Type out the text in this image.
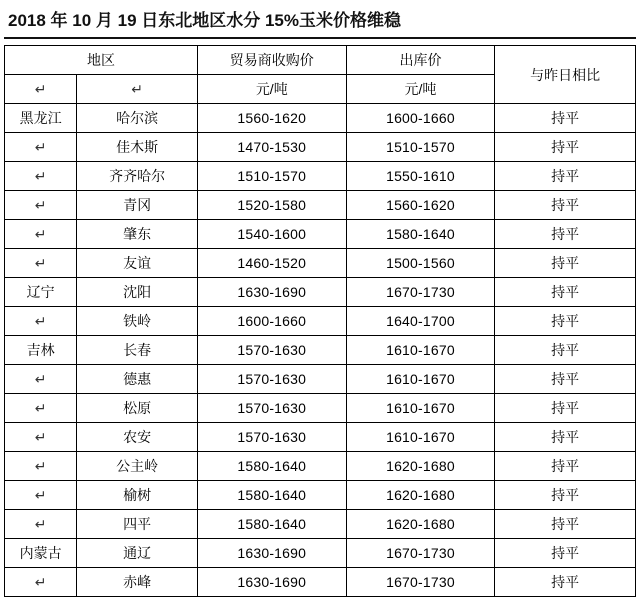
2018 年 10 月 19 日东北地区水分 15%玉米价格维稳
地区		贸易商收购价	出库价	与昨日相比
↵	↵	元/吨	元/吨	
黑龙江	哈尔滨	1560-1620	1600-1660	持平
↵	佳木斯	1470-1530	1510-1570	持平
↵	齐齐哈尔	1510-1570	1550-1610	持平
↵	青冈	1520-1580	1560-1620	持平
↵	肇东	1540-1600	1580-1640	持平
↵	友谊	1460-1520	1500-1560	持平
辽宁	沈阳	1630-1690	1670-1730	持平
↵	铁岭	1600-1660	1640-1700	持平
吉林	长春	1570-1630	1610-1670	持平
↵	德惠	1570-1630	1610-1670	持平
↵	松原	1570-1630	1610-1670	持平
↵	农安	1570-1630	1610-1670	持平
↵	公主岭	1580-1640	1620-1680	持平
↵	榆树	1580-1640	1620-1680	持平
↵	四平	1580-1640	1620-1680	持平
内蒙古	通辽	1630-1690	1670-1730	持平
↵	赤峰	1630-1690	1670-1730	持平
